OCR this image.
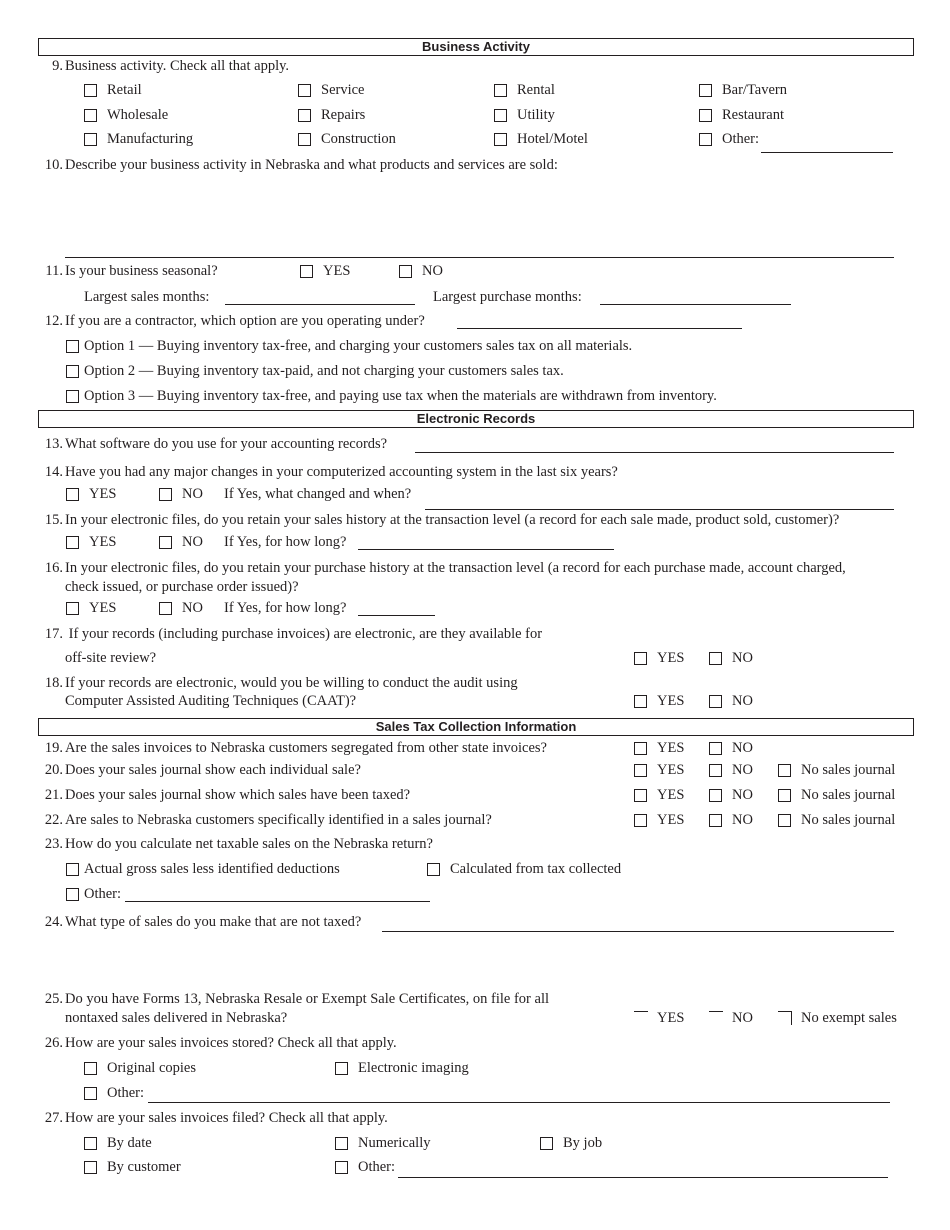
Business Activity
9. Business activity. Check all that apply.
Retail	Service	Rental	Bar/Tavern
Wholesale	Repairs	Utility	Restaurant
Manufacturing	Construction	Hotel/Motel	Other:
10. Describe your business activity in Nebraska and what products and services are sold:
11. Is your business seasonal?	YES	NO
Largest sales months:	Largest purchase months:
12. If you are a contractor, which option are you operating under?
Option 1 — Buying inventory tax-free, and charging your customers sales tax on all materials.
Option 2 — Buying inventory tax-paid, and not charging your customers sales tax.
Option 3 — Buying inventory tax-free, and paying use tax when the materials are withdrawn from inventory.
Electronic Records
13. What software do you use for your accounting records?
14. Have you had any major changes in your computerized accounting system in the last six years?
YES	NO If Yes, what changed and when?
15. In your electronic files, do you retain your sales history at the transaction level (a record for each sale made, product sold, customer)?
YES	NO If Yes, for how long?
16. In your electronic files, do you retain your purchase history at the transaction level (a record for each purchase made, account charged,
check issued, or purchase order issued)?
YES	NO If Yes, for how long?
17. If your records (including purchase invoices) are electronic, are they available for
off-site review?	YES	NO
18. If your records are electronic, would you be willing to conduct the audit using
Computer Assisted Auditing Techniques (CAAT)?	YES	NO
Sales Tax Collection Information
19. Are the sales invoices to Nebraska customers segregated from other state invoices?	YES	NO
20. Does your sales journal show each individual sale?	YES	NO	No sales journal
21. Does your sales journal show which sales have been taxed?	YES	NO	No sales journal
22. Are sales to Nebraska customers specifically identified in a sales journal?	YES	NO	No sales journal
23. How do you calculate net taxable sales on the Nebraska return?
Actual gross sales less identified deductions	Calculated from tax collected
Other:
24. What type of sales do you make that are not taxed?
25. Do you have Forms 13, Nebraska Resale or Exempt Sale Certificates, on file for all
nontaxed sales delivered in Nebraska?	YES	NO	No exempt sales
26. How are your sales invoices stored? Check all that apply.
Original copies	Electronic imaging
Other:
27. How are your sales invoices filed? Check all that apply.
By date	Numerically	By job
By customer	Other:
